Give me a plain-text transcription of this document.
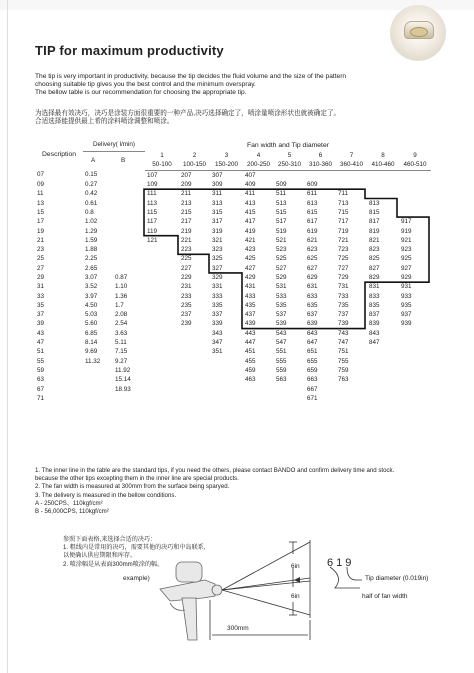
TIP for maximum productivity
The tip is very important in productivity, because the tip decides the fluid volume and the size of the pattern
choosing suitable tip gives you the best control and the minimum overspray.
The bellow table is our recommendation for choosing the appropriate tip.
为选择最有效决巧，决巧是涂装方面很重要的一种产品,决巧选择确定了，喷涂量喷涂形状也就被确定了。
合适选择能提供最上希的涂料喷涂调整和喷涂。
Description	Delivery( l/min)		Fan width and Tip diameter								
	A	B	1	2	3	4	5	6	7	8	9
			50-100	100-150	150-200	200-250	250-310	310-360	360-410	410-460	460-510
07	0.15		107	207	307	407					
09	0.27		109	209	309	409	509	609			
11	0.42		111	211	311	411	511	611	711		
13	0.61		113	213	313	413	513	613	713	813	
15	0.8		115	215	315	415	515	615	715	815	
17	1.02		117	217	317	417	517	617	717	817	917
19	1.29		119	219	319	419	519	619	719	819	919
21	1.59		121	221	321	421	521	621	721	821	921
23	1.88			223	323	423	523	623	723	823	923
25	2.25			225	325	425	525	625	725	825	925
27	2.65			227	327	427	527	627	727	827	927
29	3.07	0.87		229	329	429	529	629	729	829	929
31	3.52	1.10		231	331	431	531	631	731	831	931
33	3.97	1.36		233	333	433	533	633	733	833	933
35	4.50	1.7		235	335	435	535	635	735	835	935
37	5.03	2.08		237	337	437	537	637	737	837	937
39	5.60	2.54		239	339	439	539	639	739	839	939
43	6.85	3.63			343	443	543	643	743	843	
47	8.14	5.11			347	447	547	647	747	847	
51	9.69	7.15			351	451	551	651	751		
55	11.32	9.27				455	555	655	755		
59		11.92				459	559	659	759		
63		15.14				463	563	663	763		
67		18.93						667			
71								671			
1. The inner line in the table are the standard tips, if you need the others, please contact BANDO and confirm delivery time and stock.
because the other tips excepting them in the inner line are special products.
2. The fan width is measured at 300mm from the surface being sparyed.
3. The delivery is measured in the bellow conditions.
A - 250CPS、110kgf/cm²
B - 56,000CPS, 110kgf/cm²
参照下面表格,来选择合适的决巧：
1. 粗线内是常用的决巧，需要其他的决巧和中岛联系,
以便确认供应期限和库存。
2. 喷涂幅是从表面300mm喷涂的幅。
example)
6in
6in
300mm
619
Tip diameter (0.019in)
half of fan width
